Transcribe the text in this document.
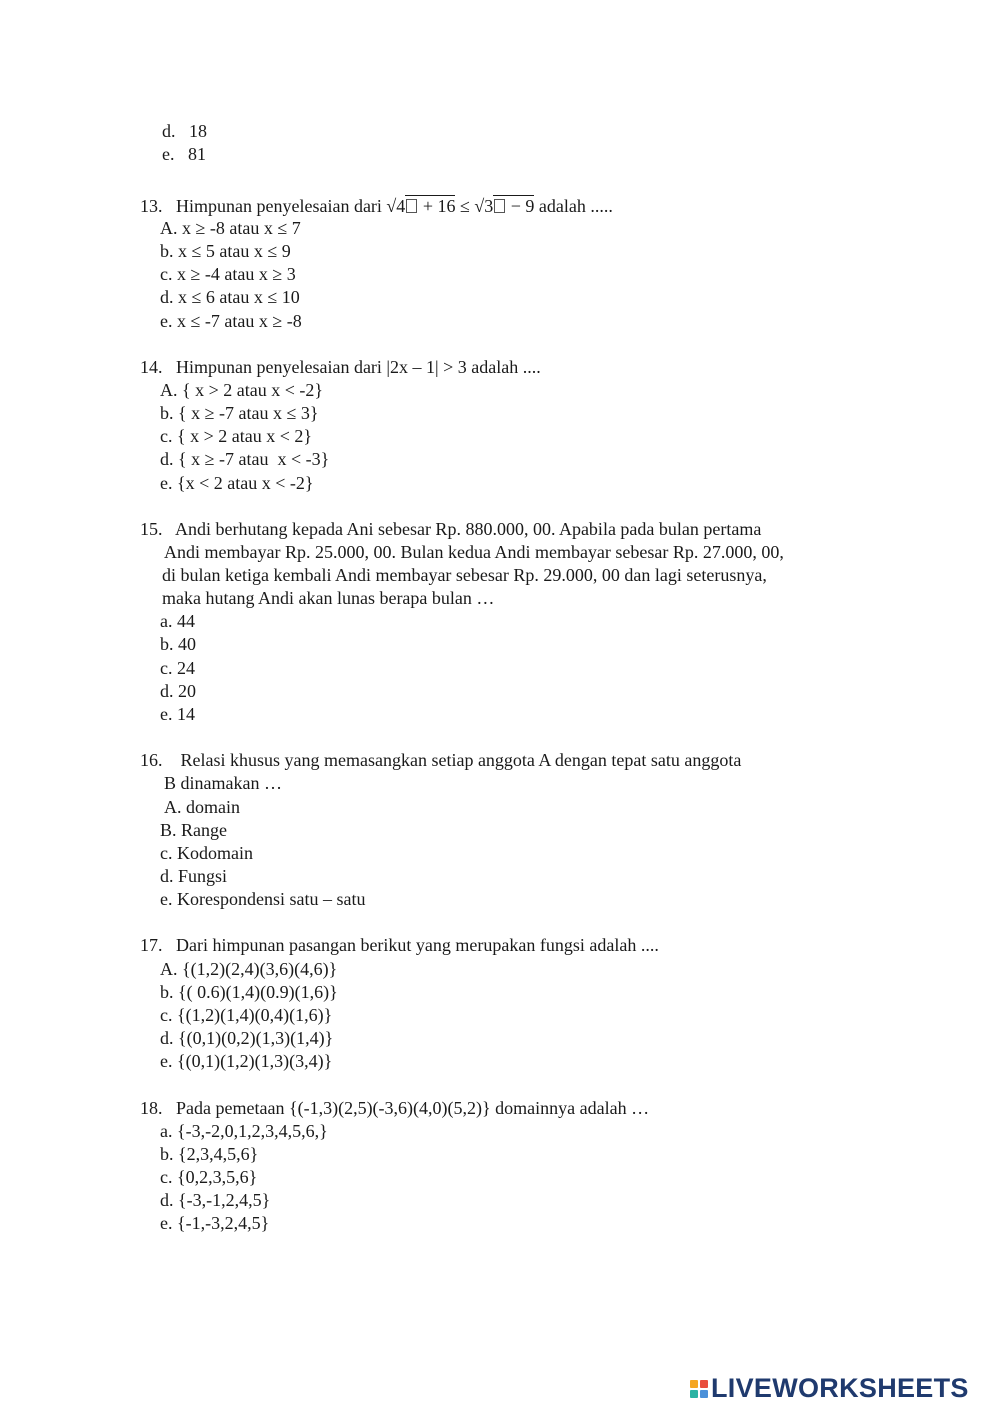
d. 18
e. 81
13. Himpunan penyelesaian dari √4 + 16 ≤ √3 − 9 adalah .....
A. x ≥ -8 atau x ≤ 7
b. x ≤ 5 atau x ≤ 9
c. x ≥ -4 atau x ≥ 3
d. x ≤ 6 atau x ≤ 10
e. x ≤ -7 atau x ≥ -8
14. Himpunan penyelesaian dari |2x – 1| > 3 adalah ....
A. { x > 2 atau x < -2}
b. { x ≥ -7 atau x ≤ 3}
c. { x > 2 atau x < 2}
d. { x ≥ -7 atau  x < -3}
e. {x < 2 atau x < -2}
15. Andi berhutang kepada Ani sebesar Rp. 880.000, 00. Apabila pada bulan pertama
Andi membayar Rp. 25.000, 00. Bulan kedua Andi membayar sebesar Rp. 27.000, 00,
di bulan ketiga kembali Andi membayar sebesar Rp. 29.000, 00 dan lagi seterusnya,
maka hutang Andi akan lunas berapa bulan …
a. 44
b. 40
c. 24
d. 20
e. 14
16. Relasi khusus yang memasangkan setiap anggota A dengan tepat satu anggota
B dinamakan …
A. domain
B. Range
c. Kodomain
d. Fungsi
e. Korespondensi satu – satu
17. Dari himpunan pasangan berikut yang merupakan fungsi adalah ....
A. {(1,2)(2,4)(3,6)(4,6)}
b. {( 0.6)(1,4)(0.9)(1,6)}
c. {(1,2)(1,4)(0,4)(1,6)}
d. {(0,1)(0,2)(1,3)(1,4)}
e. {(0,1)(1,2)(1,3)(3,4)}
18. Pada pemetaan {(-1,3)(2,5)(-3,6)(4,0)(5,2)} domainnya adalah …
a. {-3,-2,0,1,2,3,4,5,6,}
b. {2,3,4,5,6}
c. {0,2,3,5,6}
d. {-3,-1,2,4,5}
e. {-1,-3,2,4,5}
LIVEWORKSHEETS
